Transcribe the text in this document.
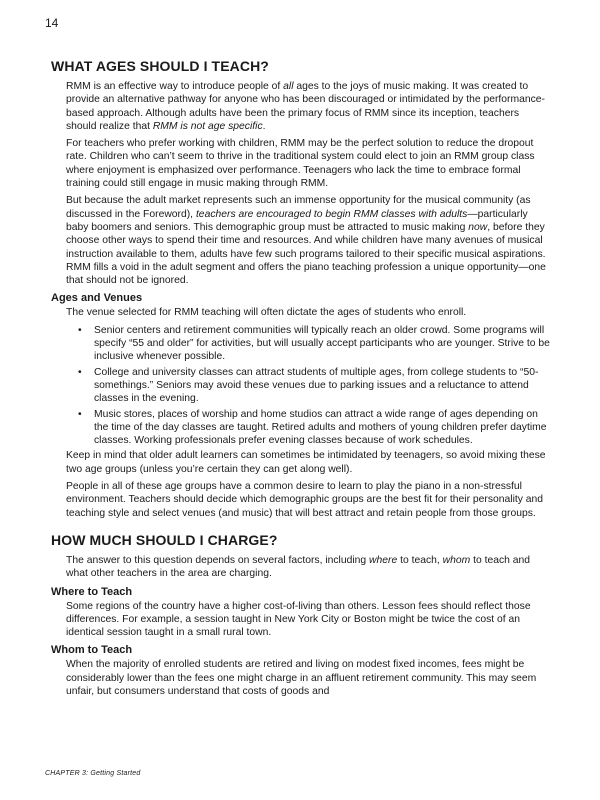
14
WHAT AGES SHOULD I TEACH?

RMM is an effective way to introduce people of all ages to the joys of music making. It was created to provide an alternative pathway for anyone who has been discouraged or intimidated by the performance-based approach. Although adults have been the primary focus of RMM since its inception, teachers should realize that RMM is not age specific.

For teachers who prefer working with children, RMM may be the perfect solution to reduce the dropout rate. Children who can’t seem to thrive in the traditional system could elect to join an RMM group class where enjoyment is emphasized over performance. Teenagers who lack the time to embrace formal training could still engage in music making through RMM.

But because the adult market represents such an immense opportunity for the musical community (as discussed in the Foreword), teachers are encouraged to begin RMM classes with adults—particularly baby boomers and seniors. This demographic group must be attracted to music making now, before they choose other ways to spend their time and resources. And while children have many avenues of musical instruction available to them, adults have few such programs tailored to their specific musical aspirations. RMM fills a void in the adult segment and offers the piano teaching profession a unique opportunity—one that should not be ignored.

Ages and Venues

The venue selected for RMM teaching will often dictate the ages of students who enroll.

• Senior centers and retirement communities will typically reach an older crowd. Some programs will specify “55 and older” for activities, but will usually accept participants who are younger. Strive to be inclusive whenever possible.
• College and university classes can attract students of multiple ages, from college students to “50-somethings.” Seniors may avoid these venues due to parking issues and a reluctance to attend classes in the evening.
• Music stores, places of worship and home studios can attract a wide range of ages depending on the time of the day classes are taught. Retired adults and mothers of young children prefer daytime classes. Working professionals prefer evening classes because of work schedules.

Keep in mind that older adult learners can sometimes be intimidated by teenagers, so avoid mixing these two age groups (unless you’re certain they can get along well).

People in all of these age groups have a common desire to learn to play the piano in a non-stressful environment. Teachers should decide which demographic groups are the best fit for their personality and teaching style and select venues (and music) that will best attract and retain people from those groups.

HOW MUCH SHOULD I CHARGE?

The answer to this question depends on several factors, including where to teach, whom to teach and what other teachers in the area are charging.

Where to Teach

Some regions of the country have a higher cost-of-living than others. Lesson fees should reflect those differences. For example, a session taught in New York City or Boston might be twice the cost of an identical session taught in a small rural town.

Whom to Teach

When the majority of enrolled students are retired and living on modest fixed incomes, fees might be considerably lower than the fees one might charge in an affluent retirement community. This may seem unfair, but consumers understand that costs of goods and

CHAPTER 3: Getting Started
